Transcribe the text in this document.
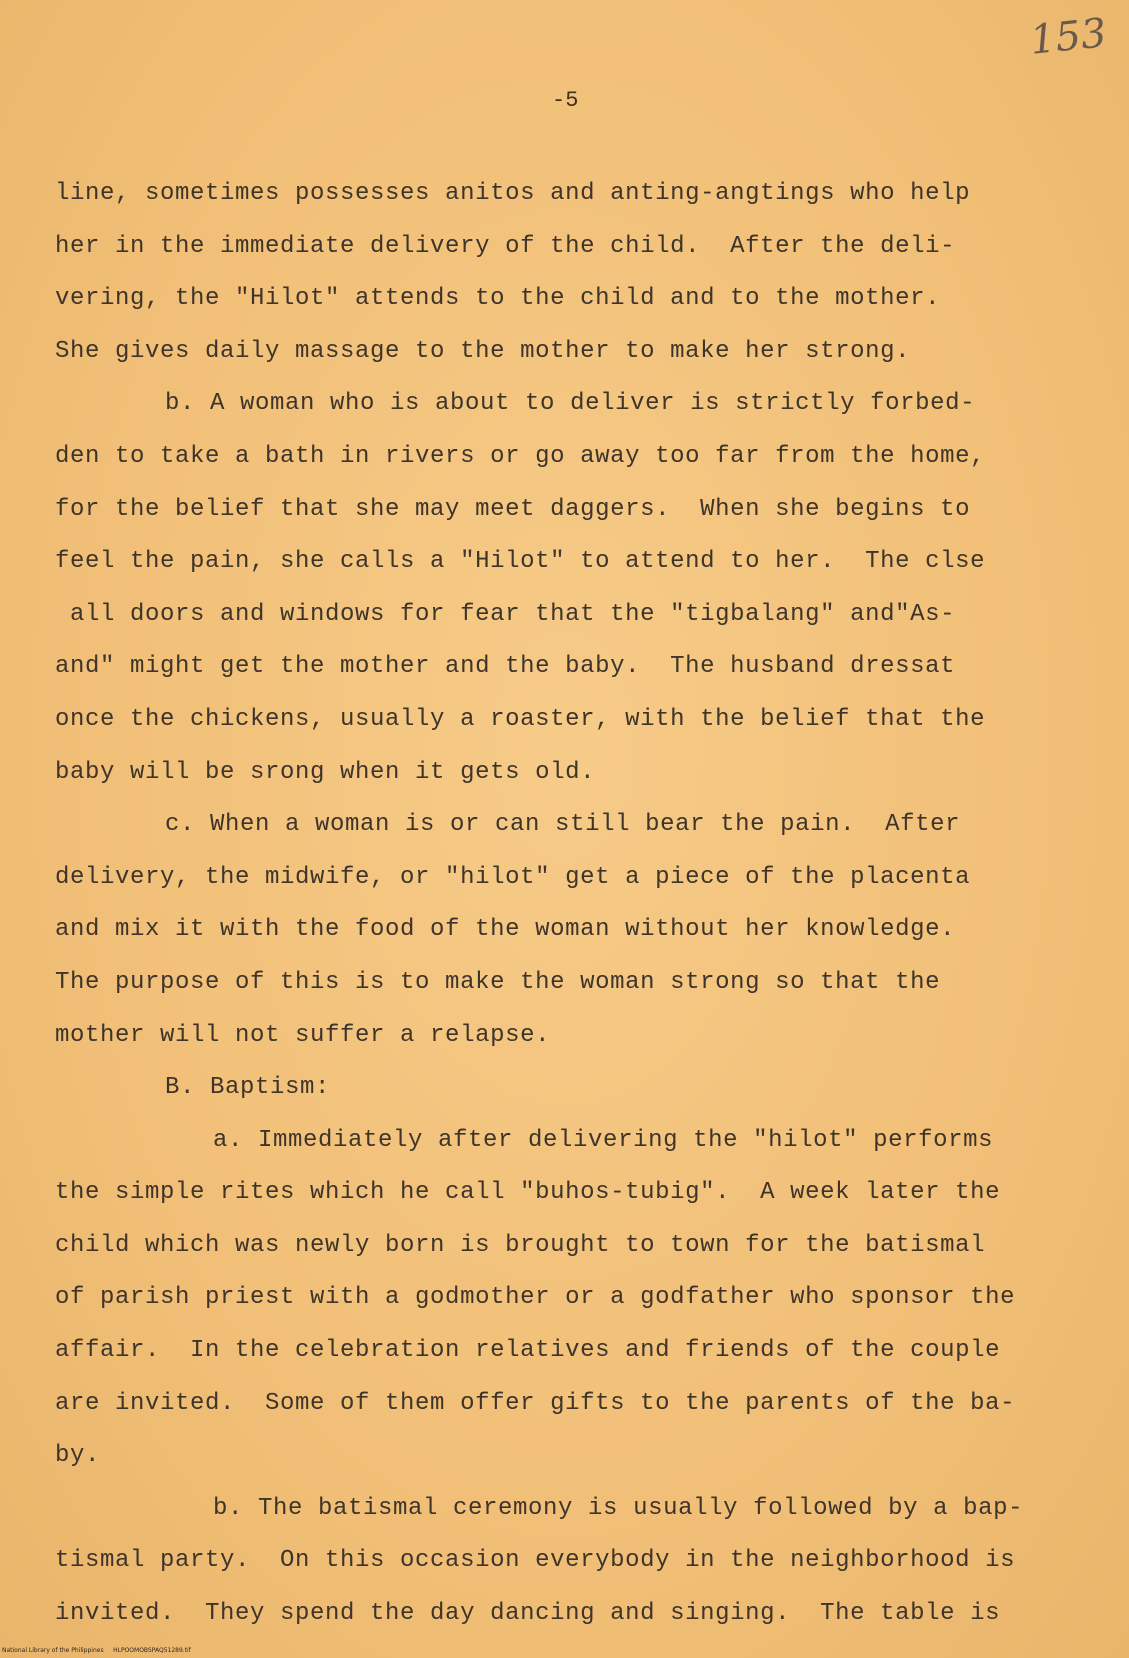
153
-5
line, sometimes possesses anitos and anting-angtings who help
her in the immediate delivery of the child.  After the deli-
vering, the "Hilot" attends to the child and to the mother.
She gives daily massage to the mother to make her strong.
b. A woman who is about to deliver is strictly forbed-
den to take a bath in rivers or go away too far from the home,
for the belief that she may meet daggers.  When she begins to
feel the pain, she calls a "Hilot" to attend to her.  The clse
all doors and windows for fear that the "tigbalang" and"As-
and" might get the mother and the baby.  The husband dressat
once the chickens, usually a roaster, with the belief that the
baby will be srong when it gets old.
c. When a woman is or can still bear the pain.  After
delivery, the midwife, or "hilot" get a piece of the placenta
and mix it with the food of the woman without her knowledge.
The purpose of this is to make the woman strong so that the
mother will not suffer a relapse.
B. Baptism:
a. Immediately after delivering the "hilot" performs
the simple rites which he call "buhos-tubig".  A week later the
child which was newly born is brought to town for the batismal
of parish priest with a godmother or a godfather who sponsor the
affair.  In the celebration relatives and friends of the couple
are invited.  Some of them offer gifts to the parents of the ba-
by.
b. The batismal ceremony is usually followed by a bap-
tismal party.  On this occasion everybody in the neighborhood is
invited.  They spend the day dancing and singing.  The table is
National Library of the Philippines     HLPOOMOBSPAQ51289.tif
